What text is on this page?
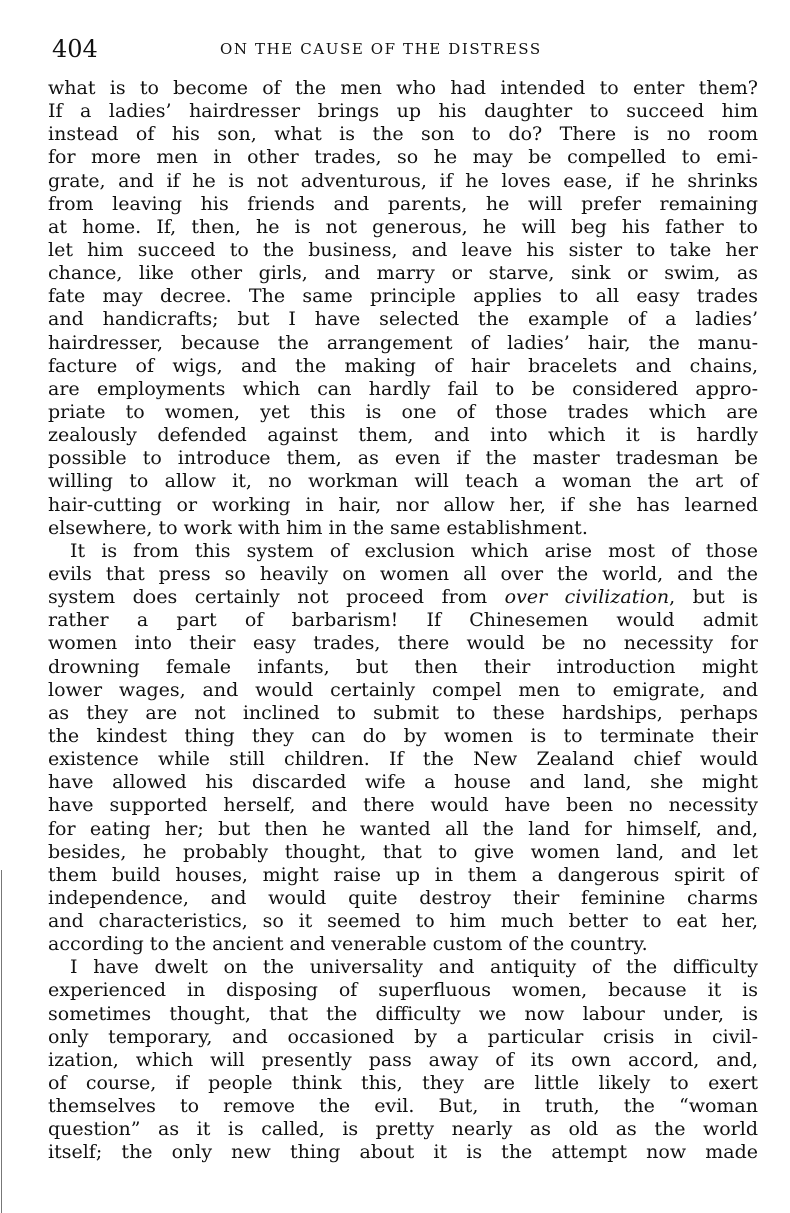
404	ON THE CAUSE OF THE DISTRESS
what is to become of the men who had intended to enter them?
If a ladies’ hairdresser brings up his daughter to succeed him
instead of his son, what is the son to do? There is no room
for more men in other trades, so he may be compelled to emi-
grate, and if he is not adventurous, if he loves ease, if he shrinks
from leaving his friends and parents, he will prefer remaining
at home. If, then, he is not generous, he will beg his father to
let him succeed to the business, and leave his sister to take her
chance, like other girls, and marry or starve, sink or swim, as
fate may decree. The same principle applies to all easy trades
and handicrafts; but I have selected the example of a ladies’
hairdresser, because the arrangement of ladies’ hair, the manu-
facture of wigs, and the making of hair bracelets and chains,
are employments which can hardly fail to be considered appro-
priate to women, yet this is one of those trades which are
zealously defended against them, and into which it is hardly
possible to introduce them, as even if the master tradesman be
willing to allow it, no workman will teach a woman the art of
hair-cutting or working in hair, nor allow her, if she has learned
elsewhere, to work with him in the same establishment.
It is from this system of exclusion which arise most of those
evils that press so heavily on women all over the world, and the
system does certainly not proceed from over civilization, but is
rather a part of barbarism! If Chinesemen would admit
women into their easy trades, there would be no necessity for
drowning female infants, but then their introduction might
lower wages, and would certainly compel men to emigrate, and
as they are not inclined to submit to these hardships, perhaps
the kindest thing they can do by women is to terminate their
existence while still children. If the New Zealand chief would
have allowed his discarded wife a house and land, she might
have supported herself, and there would have been no necessity
for eating her; but then he wanted all the land for himself, and,
besides, he probably thought, that to give women land, and let
them build houses, might raise up in them a dangerous spirit of
independence, and would quite destroy their feminine charms
and characteristics, so it seemed to him much better to eat her,
according to the ancient and venerable custom of the country.
I have dwelt on the universality and antiquity of the difficulty
experienced in disposing of superfluous women, because it is
sometimes thought, that the difficulty we now labour under, is
only temporary, and occasioned by a particular crisis in civil-
ization, which will presently pass away of its own accord, and,
of course, if people think this, they are little likely to exert
themselves to remove the evil. But, in truth, the “woman
question” as it is called, is pretty nearly as old as the world
itself; the only new thing about it is the attempt now made
